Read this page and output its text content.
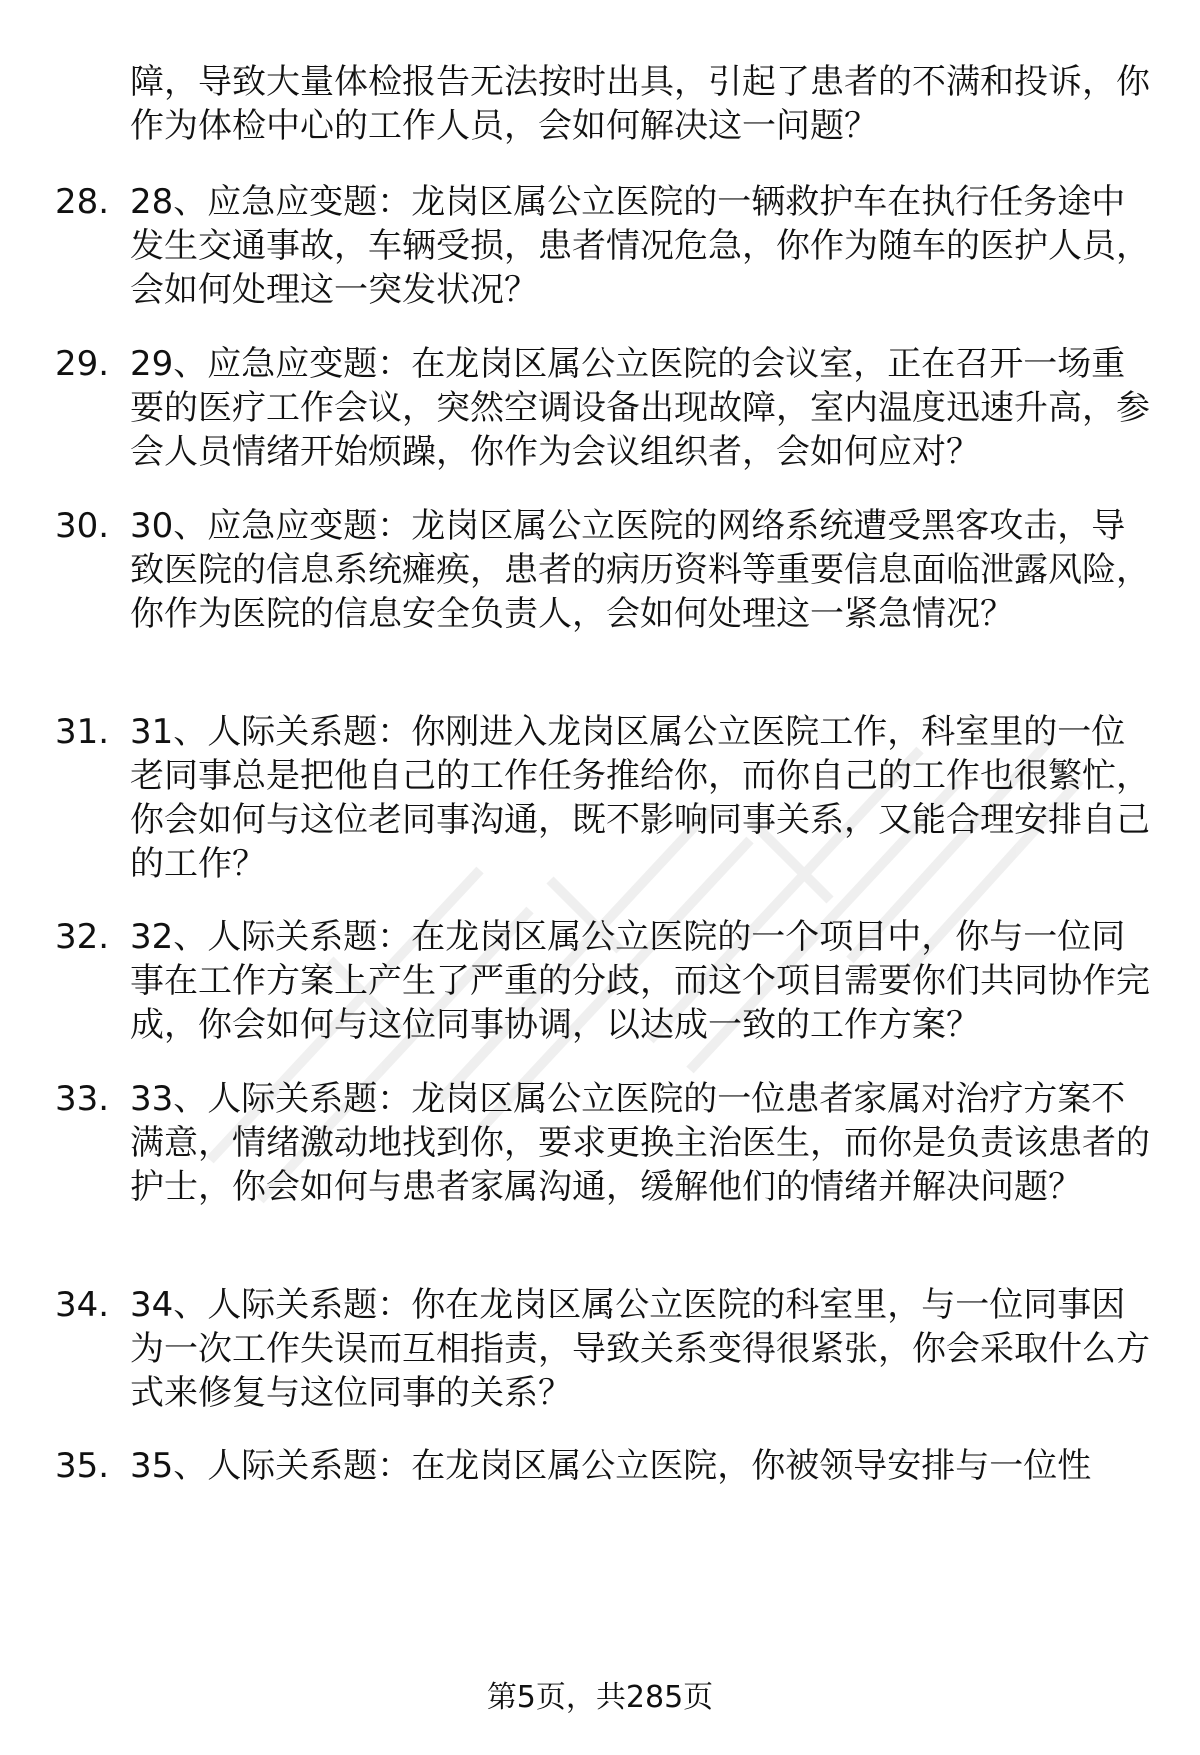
障，导致大量体检报告无法按时出具，引起了患者的不满和投诉，你作为体检中心的工作人员，会如何解决这一问题？
28. 28、应急应变题：龙岗区属公立医院的一辆救护车在执行任务途中发生交通事故，车辆受损，患者情况危急，你作为随车的医护人员，会如何处理这一突发状况？
29. 29、应急应变题：在龙岗区属公立医院的会议室，正在召开一场重要的医疗工作会议，突然空调设备出现故障，室内温度迅速升高，参会人员情绪开始烦躁，你作为会议组织者，会如何应对？
30. 30、应急应变题：龙岗区属公立医院的网络系统遭受黑客攻击，导致医院的信息系统瘫痪，患者的病历资料等重要信息面临泄露风险，你作为医院的信息安全负责人，会如何处理这一紧急情况？
31. 31、人际关系题：你刚进入龙岗区属公立医院工作，科室里的一位老同事总是把他自己的工作任务推给你，而你自己的工作也很繁忙，你会如何与这位老同事沟通，既不影响同事关系，又能合理安排自己的工作？
32. 32、人际关系题：在龙岗区属公立医院的一个项目中，你与一位同事在工作方案上产生了严重的分歧，而这个项目需要你们共同协作完成，你会如何与这位同事协调，以达成一致的工作方案？
33. 33、人际关系题：龙岗区属公立医院的一位患者家属对治疗方案不满意，情绪激动地找到你，要求更换主治医生，而你是负责该患者的护士，你会如何与患者家属沟通，缓解他们的情绪并解决问题？
34. 34、人际关系题：你在龙岗区属公立医院的科室里，与一位同事因为一次工作失误而互相指责，导致关系变得很紧张，你会采取什么方式来修复与这位同事的关系？
35. 35、人际关系题：在龙岗区属公立医院，你被领导安排与一位性
第5页，共285页
